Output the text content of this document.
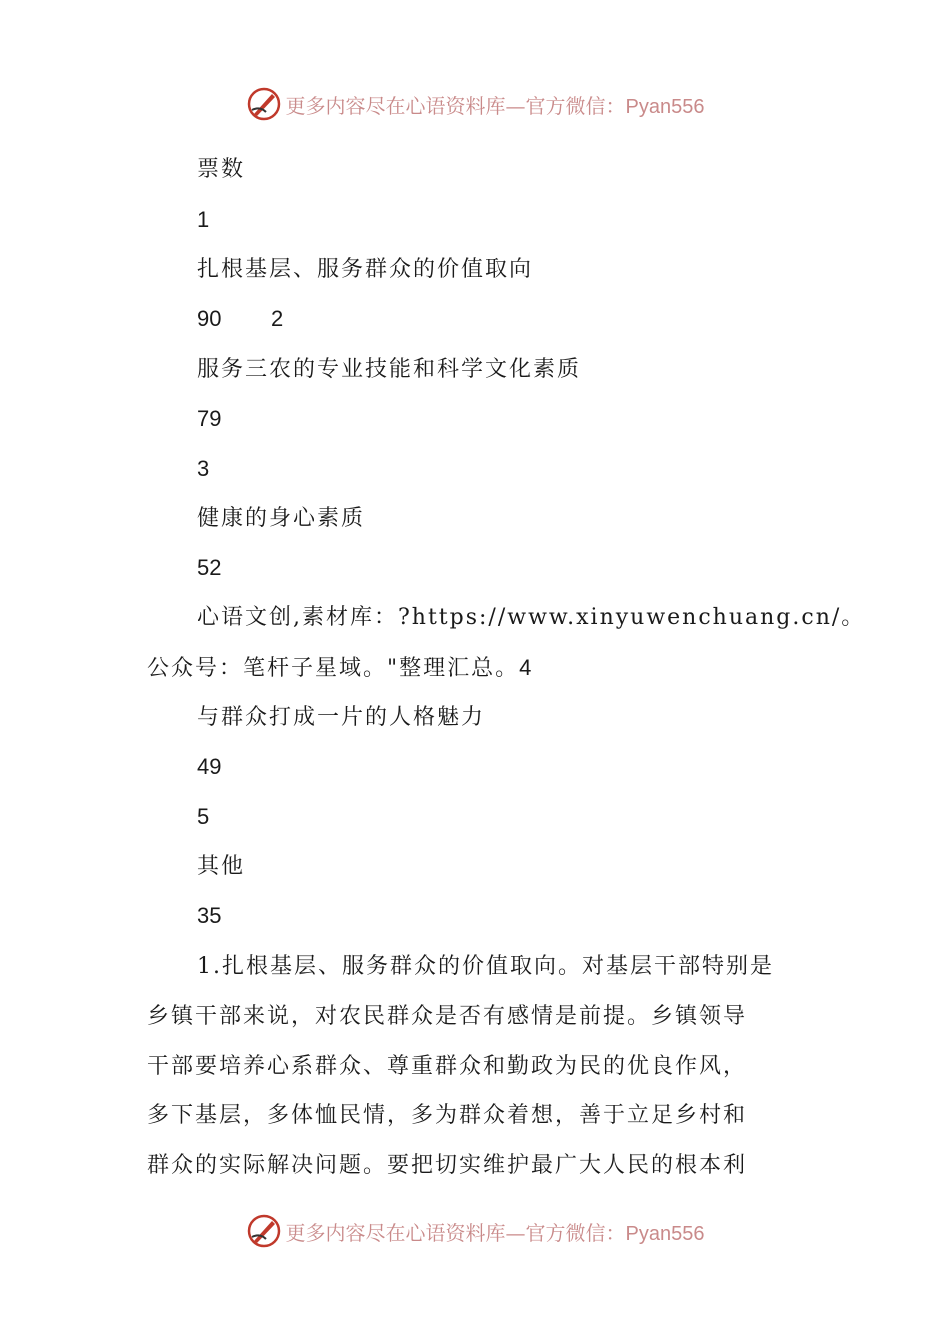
更多内容尽在心语资料库—官方微信：Pyan556
票数
1
扎根基层、服务群众的价值取向
90 2
服务三农的专业技能和科学文化素质
79
3
健康的身心素质
52
心语文创,素材库：?https://www.xinyuwenchuang.cn/。
公众号：笔杆子星域。"整理汇总。4
与群众打成一片的人格魅力
49
5
其他
35
1.扎根基层、服务群众的价值取向。对基层干部特别是
乡镇干部来说，对农民群众是否有感情是前提。乡镇领导
干部要培养心系群众、尊重群众和勤政为民的优良作风，
多下基层，多体恤民情，多为群众着想，善于立足乡村和
群众的实际解决问题。要把切实维护最广大人民的根本利
更多内容尽在心语资料库—官方微信：Pyan556
